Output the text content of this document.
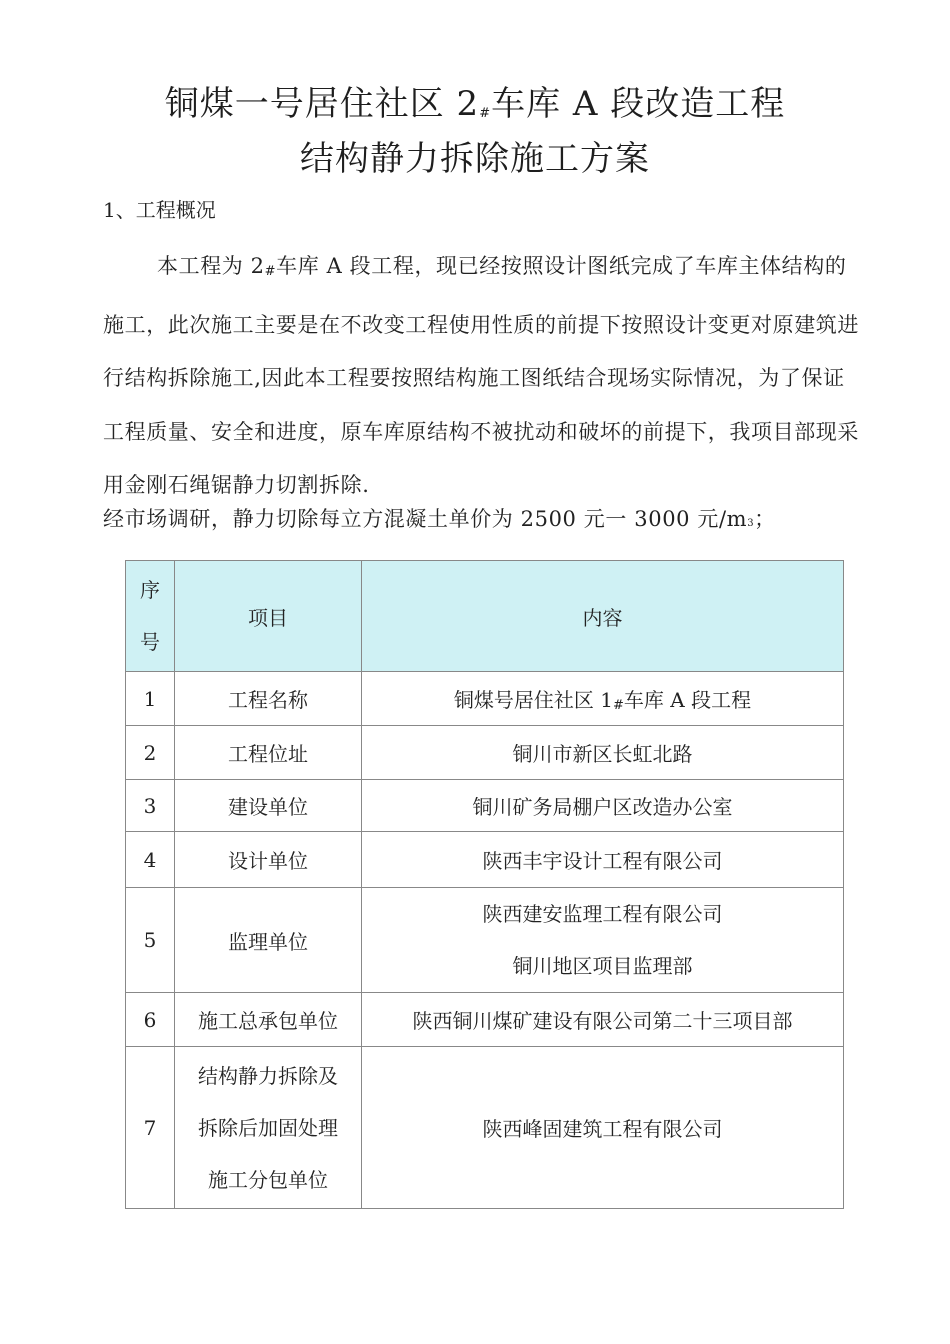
铜煤一号居住社区 2#车库 A 段改造工程
结构静力拆除施工方案
1、工程概况

本工程为 2#车库 A 段工程，现已经按照设计图纸完成了车库主体结构的施工，此次施工主要是在不改变工程使用性质的前提下按照设计变更对原建筑进行结构拆除施工,因此本工程要按照结构施工图纸结合现场实际情况，为了保证工程质量、安全和进度，原车库原结构不被扰动和破坏的前提下，我项目部现采用金刚石绳锯静力切割拆除.

经市场调研，静力切除每立方混凝土单价为 2500 元一 3000 元/m3；

序
号	项目	内容
1	工程名称	铜煤号居住社区 1#车库 A 段工程
2	工程位址	铜川市新区长虹北路
3	建设单位	铜川矿务局棚户区改造办公室
4	设计单位	陕西丰宇设计工程有限公司
5	监理单位	陕西建安监理工程有限公司
铜川地区项目监理部

6	施工总承包单位	陕西铜川煤矿建设有限公司第二十三项目部
7	结构静力拆除及
拆除后加固处理
施工分包单位	陕西峰固建筑工程有限公司
